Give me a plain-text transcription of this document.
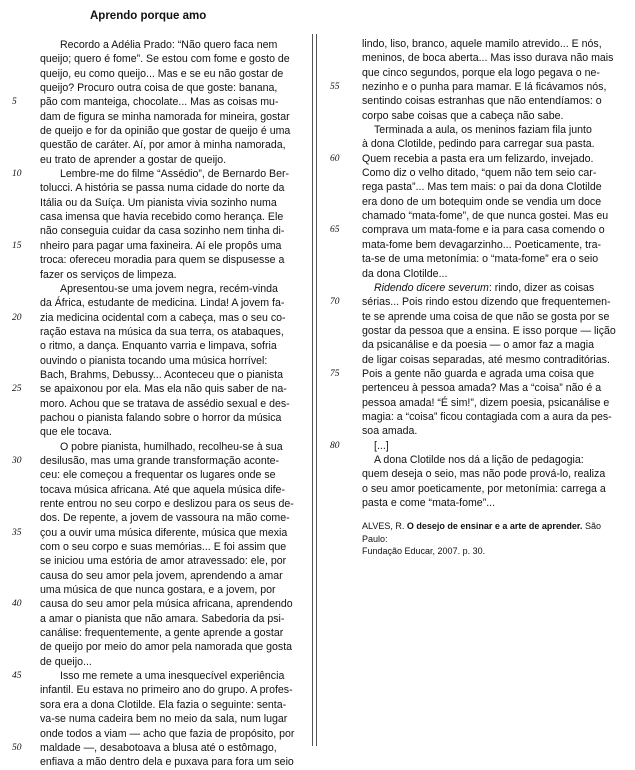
Aprendo porque amo
Recordo a Adélia Prado: “Não quero faca nem
queijo; quero é fome”. Se estou com fome e gosto de
queijo, eu como queijo... Mas e se eu não gostar de
queijo? Procuro outra coisa de que goste: banana,
5 pão com manteiga, chocolate... Mas as coisas mu-
dam de figura se minha namorada for mineira, gostar
de queijo e for da opinião que gostar de queijo é uma
questão de caráter. Aí, por amor à minha namorada,
eu trato de aprender a gostar de queijo.
10	Lembre-me do filme “Assédio”, de Bernardo Ber-
tolucci. A história se passa numa cidade do norte da
Itália ou da Suíça. Um pianista vivia sozinho numa
casa imensa que havia recebido como herança. Ele
não conseguia cuidar da casa sozinho nem tinha di-
15 nheiro para pagar uma faxineira. Aí ele propôs uma
troca: ofereceu moradia para quem se dispusesse a
fazer os serviços de limpeza.
Apresentou-se uma jovem negra, recém-vinda
da África, estudante de medicina. Linda! A jovem fa-
20 zia medicina ocidental com a cabeça, mas o seu co-
ração estava na música da sua terra, os atabaques,
o ritmo, a dança. Enquanto varria e limpava, sofria
ouvindo o pianista tocando uma música horrível:
Bach, Brahms, Debussy... Aconteceu que o pianista
25 se apaixonou por ela. Mas ela não quis saber de na-
moro. Achou que se tratava de assédio sexual e des-
pachou o pianista falando sobre o horror da música
que ele tocava.
O pobre pianista, humilhado, recolheu-se à sua
30 desilusão, mas uma grande transformação aconte-
ceu: ele começou a frequentar os lugares onde se
tocava música africana. Até que aquela música dife-
rente entrou no seu corpo e deslizou para os seus de-
dos. De repente, a jovem de vassoura na mão come-
35 çou a ouvir uma música diferente, música que mexia
com o seu corpo e suas memórias... E foi assim que
se iniciou uma estória de amor atravessado: ele, por
causa do seu amor pela jovem, aprendendo a amar
uma música de que nunca gostara, e a jovem, por
40 causa do seu amor pela música africana, aprendendo
a amar o pianista que não amara. Sabedoria da psi-
canálise: frequentemente, a gente aprende a gostar
de queijo por meio do amor pela namorada que gosta
de queijo...
45	Isso me remete a uma inesquecível experiência
infantil. Eu estava no primeiro ano do grupo. A profes-
sora era a dona Clotilde. Ela fazia o seguinte: senta-
va-se numa cadeira bem no meio da sala, num lugar
onde todos a viam — acho que fazia de propósito, por
50 maldade —, desabotoava a blusa até o estômago,
enfiava a mão dentro dela e puxava para fora um seio
lindo, liso, branco, aquele mamilo atrevido... E nós,
meninos, de boca aberta... Mas isso durava não mais
que cinco segundos, porque ela logo pegava o ne-
55 nezinho e o punha para mamar. E lá ficávamos nós,
sentindo coisas estranhas que não entendíamos: o
corpo sabe coisas que a cabeça não sabe.
Terminada a aula, os meninos faziam fila junto
à dona Clotilde, pedindo para carregar sua pasta.
60 Quem recebia a pasta era um felizardo, invejado.
Como diz o velho ditado, “quem não tem seio car-
rega pasta”... Mas tem mais: o pai da dona Clotilde
era dono de um botequim onde se vendia um doce
chamado “mata-fome”, de que nunca gostei. Mas eu
65 comprava um mata-fome e ia para casa comendo o
mata-fome bem devagarzinho... Poeticamente, tra-
ta-se de uma metonímia: o “mata-fome” era o seio
da dona Clotilde...
Ridendo dicere severum: rindo, dizer as coisas
70 sérias... Pois rindo estou dizendo que frequentemen-
te se aprende uma coisa de que não se gosta por se
gostar da pessoa que a ensina. E isso porque — lição
da psicanálise e da poesia — o amor faz a magia
de ligar coisas separadas, até mesmo contraditórias.
75 Pois a gente não guarda e agrada uma coisa que
pertenceu à pessoa amada? Mas a “coisa” não é a
pessoa amada! “É sim!”, dizem poesia, psicanálise e
magia: a “coisa” ficou contagiada com a aura da pes-
soa amada.
80	[...]
A dona Clotilde nos dá a lição de pedagogia:
quem deseja o seio, mas não pode prová-lo, realiza
o seu amor poeticamente, por metonímia: carrega a
pasta e come “mata-fome”...
ALVES, R. O desejo de ensinar e a arte de aprender. São Paulo:
Fundação Educar, 2007. p. 30.
